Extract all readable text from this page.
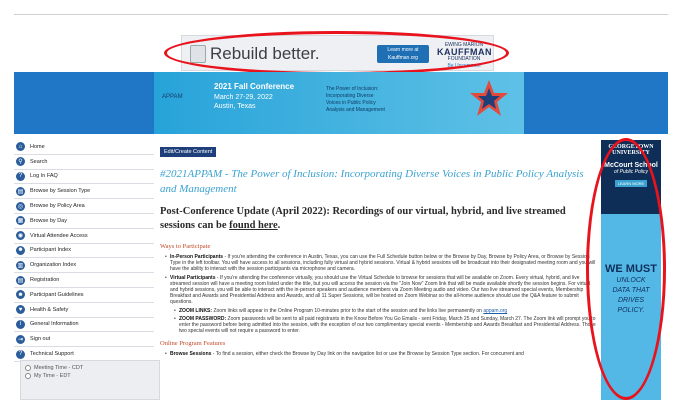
Rebuild better.	Learn more at Kauffman.org
EWING MARION
KAUFFMAN
FOUNDATION
Be Uncommon
APPAM
2021 Fall Conference
March 27-29, 2022
Austin, Texas
The Power of Inclusion:
Incorporating Diverse
Voices in Public Policy
Analysis and Management
⌂	Home
⚲	Search
?	Log In FAQ
▤	Browse by Session Type
◎	Browse by Policy Area
▦	Browse by Day
◉	Virtual Attendee Access
☻ Participant Index
▥	Organization Index
▤	Registration
☻ Participant Guidelines
♥	Health & Safety
i	General Information
⇥	Sign out
?	Technical Support
Meeting Time - CDT
My Time - EDT
Edit/Create Content
#2021APPAM - The Power of Inclusion: Incorporating Diverse Voices in Public Policy Analysis and Management
Post-Conference Update (April 2022): Recordings of our virtual, hybrid, and live streamed sessions can be found here.
Ways to Participate
• In-Person Participants - If you're attending the conference in Austin, Texas, you can use the Full Schedule button below or the Browse by Day, Browse by Policy Area, or Browse by Session Type in the left toolbar. You will have access to all sessions, including fully virtual and hybrid sessions. Virtual & hybrid sessions will be broadcast into their designated meeting room and you will have the ability to interact with the session participants via microphone and camera.
• Virtual Participants - If you're attending the conference virtually, you should use the Virtual Schedule to browse for sessions that will be available on Zoom. Every virtual, hybrid, and live streamed session will have a meeting room listed under the title, but you will access the session via the "Join Now" Zoom link that will be made available shortly the session begins. For virtual and hybrid sessions, you will be able to interact with the in-person speakers and audience members via Zoom Meeting audio and video. Our two live streamed special events, Membership Breakfast and Awards and Presidential Address and Awards, and all 11 Super Sessions, will be hosted on Zoom Webinar so the all-home audience should use the Q&A feature to submit questions.
• ZOOM LINKS: Zoom links will appear in the Online Program 10-minutes prior to the start of the session and the links live permanently on appam.org
• ZOOM PASSWORD: Zoom passwords will be sent to all paid registrants in the Know Before You Go Emails - sent Friday, March 25 and Sunday, March 27. The Zoom link will prompt you to enter the password before being admitted into the session, with the exception of our two complimentary special events - Membership and Awards Breakfast and Presidential Address. Those two special events will not require a password to enter.
Online Program Features
• Browse Sessions - To find a session, either check the Browse by Day link on the navigation list or use the Browse by Session Type section. For concurrent and
GEORGETOWN
UNIVERSITY
McCourt School
of Public Policy
LEARN MORE
WE MUST
UNLOCK
DATA THAT
DRIVES
POLICY.
